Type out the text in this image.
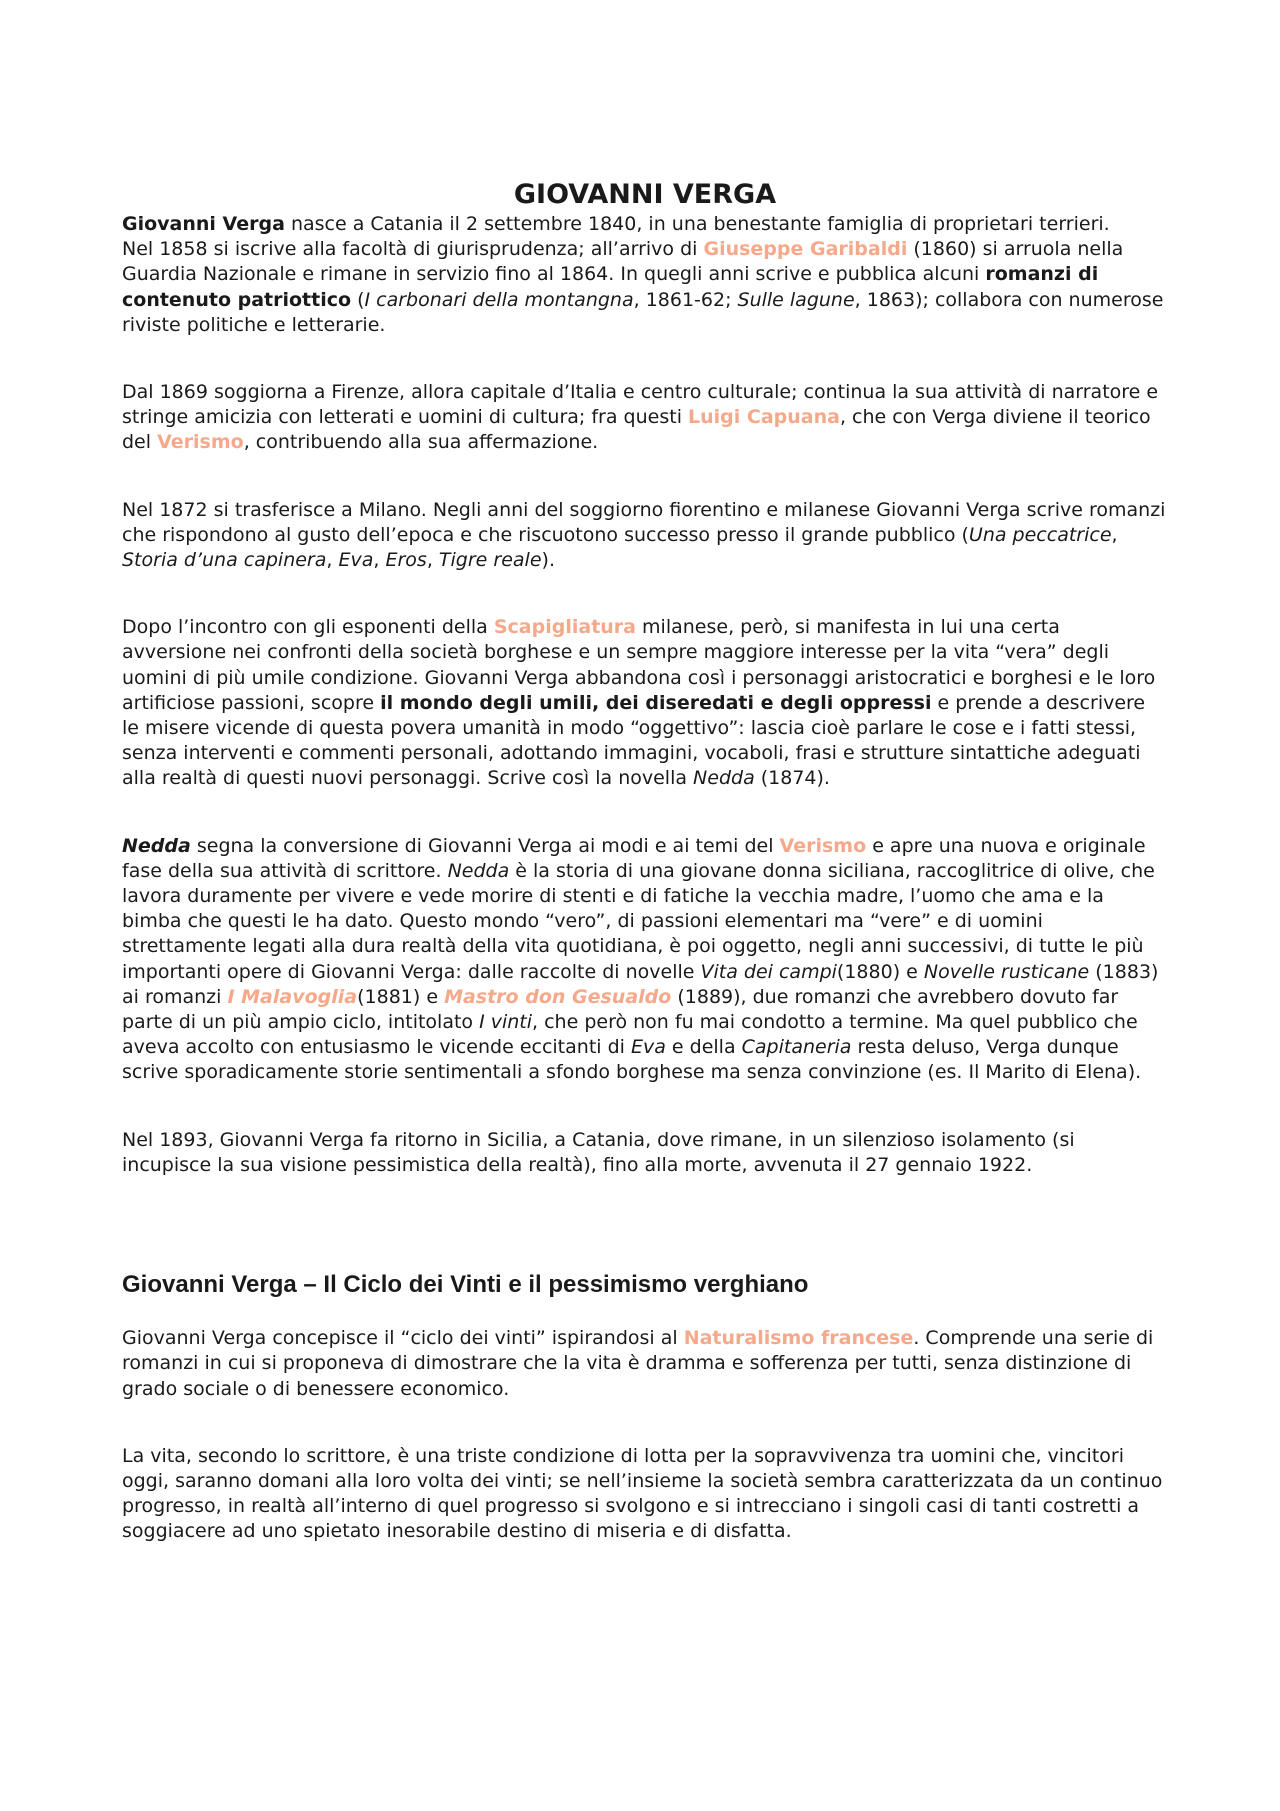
GIOVANNI VERGA

Giovanni Verga nasce a Catania il 2 settembre 1840, in una benestante famiglia di proprietari terrieri.

Nel 1858 si iscrive alla facoltà di giurisprudenza; all’arrivo di Giuseppe Garibaldi (1860) si arruola nella Guardia Nazionale e rimane in servizio fino al 1864. In quegli anni scrive e pubblica alcuni romanzi di contenuto patriottico (I carbonari della montangna, 1861-62; Sulle lagune, 1863); collabora con numerose riviste politiche e letterarie.

Dal 1869 soggiorna a Firenze, allora capitale d’Italia e centro culturale; continua la sua attività di narratore e stringe amicizia con letterati e uomini di cultura; fra questi Luigi Capuana, che con Verga diviene il teorico del Verismo, contribuendo alla sua affermazione.

Nel 1872 si trasferisce a Milano. Negli anni del soggiorno fiorentino e milanese Giovanni Verga scrive romanzi che rispondono al gusto dell’epoca e che riscuotono successo presso il grande pubblico (Una peccatrice, Storia d’una capinera, Eva, Eros, Tigre reale).

Dopo l’incontro con gli esponenti della Scapigliatura milanese, però, si manifesta in lui una certa avversione nei confronti della società borghese e un sempre maggiore interesse per la vita “vera” degli uomini di più umile condizione. Giovanni Verga abbandona così i personaggi aristocratici e borghesi e le loro artificiose passioni, scopre il mondo degli umili, dei diseredati e degli oppressi e prende a descrivere le misere vicende di questa povera umanità in modo “oggettivo”: lascia cioè parlare le cose e i fatti stessi, senza interventi e commenti personali, adottando immagini, vocaboli, frasi e strutture sintattiche adeguati alla realtà di questi nuovi personaggi. Scrive così la novella Nedda (1874).

Nedda segna la conversione di Giovanni Verga ai modi e ai temi del Verismo e apre una nuova e originale fase della sua attività di scrittore. Nedda è la storia di una giovane donna siciliana, raccoglitrice di olive, che lavora duramente per vivere e vede morire di stenti e di fatiche la vecchia madre, l’uomo che ama e la bimba che questi le ha dato. Questo mondo “vero”, di passioni elementari ma “vere” e di uomini strettamente legati alla dura realtà della vita quotidiana, è poi oggetto, negli anni successivi, di tutte le più importanti opere di Giovanni Verga: dalle raccolte di novelle Vita dei campi(1880) e Novelle rusticane (1883) ai romanzi I Malavoglia(1881) e Mastro don Gesualdo (1889), due romanzi che avrebbero dovuto far parte di un più ampio ciclo, intitolato I vinti, che però non fu mai condotto a termine. Ma quel pubblico che aveva accolto con entusiasmo le vicende eccitanti di Eva e della Capitaneria resta deluso, Verga dunque scrive sporadicamente storie sentimentali a sfondo borghese ma senza convinzione (es. Il Marito di Elena).

Nel 1893, Giovanni Verga fa ritorno in Sicilia, a Catania, dove rimane, in un silenzioso isolamento (si incupisce la sua visione pessimistica della realtà), fino alla morte, avvenuta il 27 gennaio 1922.

Giovanni Verga – Il Ciclo dei Vinti e il pessimismo verghiano

Giovanni Verga concepisce il “ciclo dei vinti” ispirandosi al Naturalismo francese. Comprende una serie di romanzi in cui si proponeva di dimostrare che la vita è dramma e sofferenza per tutti, senza distinzione di grado sociale o di benessere economico.

La vita, secondo lo scrittore, è una triste condizione di lotta per la sopravvivenza tra uomini che, vincitori oggi, saranno domani alla loro volta dei vinti; se nell’insieme la società sembra caratterizzata da un continuo progresso, in realtà all’interno di quel progresso si svolgono e si intrecciano i singoli casi di tanti costretti a soggiacere ad uno spietato inesorabile destino di miseria e di disfatta.
